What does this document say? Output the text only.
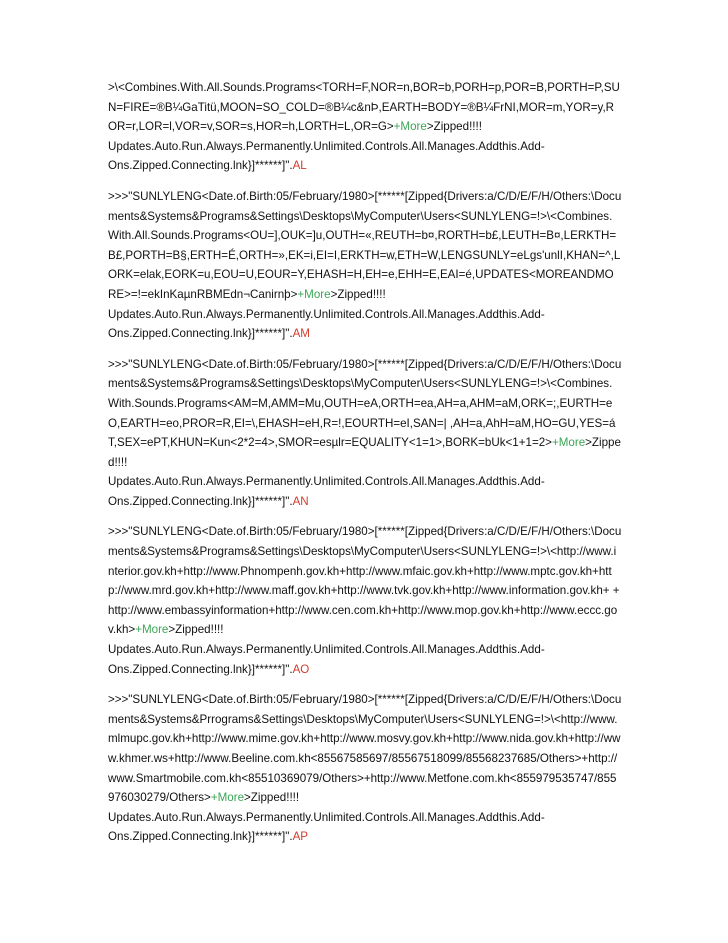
>\<Combines.With.All.Sounds.Programs<TORH=F,NOR=n,BOR=b,PORH=p,POR=B,PORTH=P,SUN=FIRE=®B¼GaTitü,MOON=SO_COLD=®B¼c&nÞ,EARTH=BODY=®B¼FrNI,MOR=m,YOR=y,ROR=r,LOR=l,VOR=v,SOR=s,HOR=h,LORTH=L,OR=G>+More>Zipped!!!!
Updates.Auto.Run.Always.Permanently.Unlimited.Controls.All.Manages.Addthis.Add-
Ons.Zipped.Connecting.lnk}]******]".AL

>>>"SUNLYLENG<Date.of.Birth:05/February/1980>[******[Zipped{Drivers:a/C/D/E/F/H/Others:\Documents&Systems&Programs&Settings\Desktops\MyComputer\Users<SUNLYLENG=!>\<Combines.With.All.Sounds.Programs<OU=],OUK=]u,OUTH=«,REUTH=b¤,RORTH=b£,LEUTH=B¤,LERKTH=B£,PORTH=B§,ERTH=É,ORTH=»,EK=i,EI=I,ERKTH=w,ETH=W,LENGSUNLY=eLgs'unlI,KHAN=^,LORK=elak,EORK=u,EOU=U,EOUR=Y,EHASH=H,EH=e,EHH=E,EAI=é,UPDATES<MOREANDMORE>=!=ekInKaµnRBMEdn¬Canirnþ>+More>Zipped!!!!
Updates.Auto.Run.Always.Permanently.Unlimited.Controls.All.Manages.Addthis.Add-
Ons.Zipped.Connecting.lnk}]******]".AM

>>>"SUNLYLENG<Date.of.Birth:05/February/1980>[******[Zipped{Drivers:a/C/D/E/F/H/Others:\Documents&Systems&Programs&Settings\Desktops\MyComputer\Users<SUNLYLENG=!>\<Combines.With.Sounds.Programs<AM=M,AMM=Mu,OUTH=eA,ORTH=ea,AH=a,AHM=aM,ORK=;,EURTH=eO,EARTH=eo,PROR=R,EI=\,EHASH=eH,R=!,EOURTH=eI,SAN=| ,AH=a,AhH=aM,HO=GU,YES=áT,SEX=ePT,KHUN=Kun<2*2=4>,SMOR=esµlr=EQUALITY<1=1>,BORK=bUk<1+1=2>+More>Zipped!!!!
Updates.Auto.Run.Always.Permanently.Unlimited.Controls.All.Manages.Addthis.Add-
Ons.Zipped.Connecting.lnk}]******]".AN

>>>"SUNLYLENG<Date.of.Birth:05/February/1980>[******[Zipped{Drivers:a/C/D/E/F/H/Others:\Documents&Systems&Programs&Settings\Desktops\MyComputer\Users<SUNLYLENG=!>\<http://www.interior.gov.kh+http://www.Phnompenh.gov.kh+http://www.mfaic.gov.kh+http://www.mptc.gov.kh+http://www.mrd.gov.kh+http://www.maff.gov.kh+http://www.tvk.gov.kh+http://www.information.gov.kh+ +http://www.embassyinformation+http://www.cen.com.kh+http://www.mop.gov.kh+http://www.eccc.gov.kh>+More>Zipped!!!!
Updates.Auto.Run.Always.Permanently.Unlimited.Controls.All.Manages.Addthis.Add-
Ons.Zipped.Connecting.lnk}]******]".AO

>>>"SUNLYLENG<Date.of.Birth:05/February/1980>[******[Zipped{Drivers:a/C/D/E/F/H/Others:\Documents&Systems&Prrograms&Settings\Desktops\MyComputer\Users<SUNLYLENG=!>\<http://www.mlmupc.gov.kh+http://www.mime.gov.kh+http://www.mosvy.gov.kh+http://www.nida.gov.kh+http://www.khmer.ws+http://www.Beeline.com.kh<85567585697/85567518099/85568237685/Others>+http://www.Smartmobile.com.kh<85510369079/Others>+http://www.Metfone.com.kh<855979535747/855976030279/Others>+More>Zipped!!!!
Updates.Auto.Run.Always.Permanently.Unlimited.Controls.All.Manages.Addthis.Add-
Ons.Zipped.Connecting.lnk}]******]".AP
